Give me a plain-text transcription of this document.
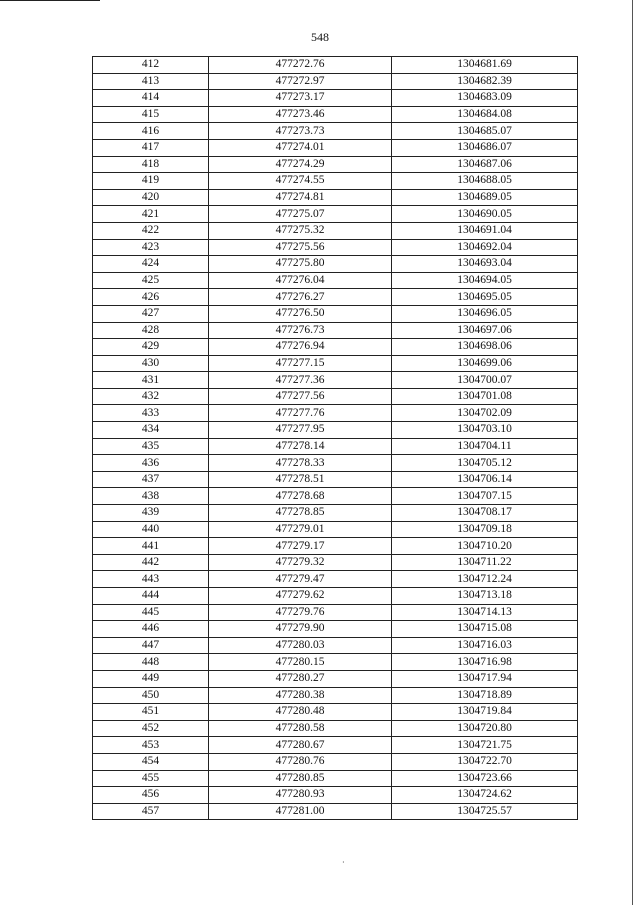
548
412	477272.76	1304681.69
413	477272.97	1304682.39
414	477273.17	1304683.09
415	477273.46	1304684.08
416	477273.73	1304685.07
417	477274.01	1304686.07
418	477274.29	1304687.06
419	477274.55	1304688.05
420	477274.81	1304689.05
421	477275.07	1304690.05
422	477275.32	1304691.04
423	477275.56	1304692.04
424	477275.80	1304693.04
425	477276.04	1304694.05
426	477276.27	1304695.05
427	477276.50	1304696.05
428	477276.73	1304697.06
429	477276.94	1304698.06
430	477277.15	1304699.06
431	477277.36	1304700.07
432	477277.56	1304701.08
433	477277.76	1304702.09
434	477277.95	1304703.10
435	477278.14	1304704.11
436	477278.33	1304705.12
437	477278.51	1304706.14
438	477278.68	1304707.15
439	477278.85	1304708.17
440	477279.01	1304709.18
441	477279.17	1304710.20
442	477279.32	1304711.22
443	477279.47	1304712.24
444	477279.62	1304713.18
445	477279.76	1304714.13
446	477279.90	1304715.08
447	477280.03	1304716.03
448	477280.15	1304716.98
449	477280.27	1304717.94
450	477280.38	1304718.89
451	477280.48	1304719.84
452	477280.58	1304720.80
453	477280.67	1304721.75
454	477280.76	1304722.70
455	477280.85	1304723.66
456	477280.93	1304724.62
457	477281.00	1304725.57
·
